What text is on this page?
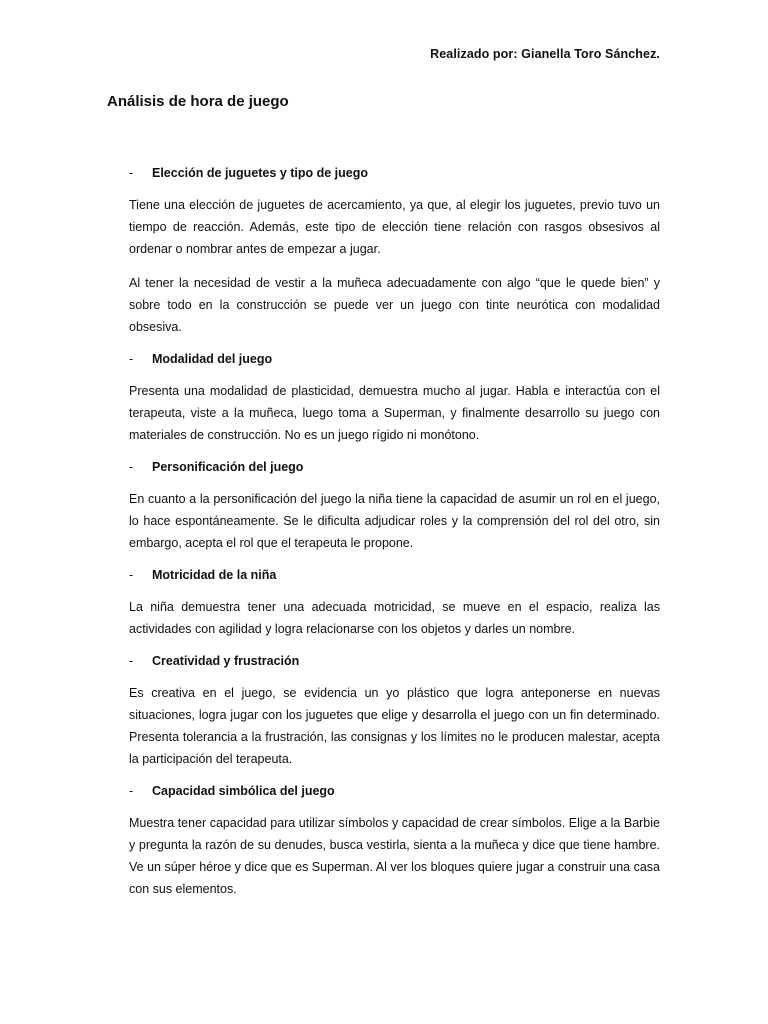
Realizado por: Gianella Toro Sánchez.
Análisis de hora de juego
-	Elección de juguetes y tipo de juego

Tiene una elección de juguetes de acercamiento, ya que, al elegir los juguetes, previo tuvo un tiempo de reacción. Además, este tipo de elección tiene relación con rasgos obsesivos al ordenar o nombrar antes de empezar a jugar.

Al tener la necesidad de vestir a la muñeca adecuadamente con algo “que le quede bien” y sobre todo en la construcción se puede ver un juego con tinte neurótica con modalidad obsesiva.

-	Modalidad del juego

Presenta una modalidad de plasticidad, demuestra mucho al jugar. Habla e interactúa con el terapeuta, viste a la muñeca, luego toma a Superman, y finalmente desarrollo su juego con materiales de construcción. No es un juego rígido ni monótono.

-	Personificación del juego

En cuanto a la personificación del juego la niña tiene la capacidad de asumir un rol en el juego, lo hace espontáneamente. Se le dificulta adjudicar roles y la comprensión del rol del otro, sin embargo, acepta el rol que el terapeuta le propone.

-	Motricidad de la niña

La niña demuestra tener una adecuada motricidad, se mueve en el espacio, realiza las actividades con agilidad y logra relacionarse con los objetos y darles un nombre.

-	Creatividad y frustración

Es creativa en el juego, se evidencia un yo plástico que logra anteponerse en nuevas situaciones, logra jugar con los juguetes que elige y desarrolla el juego con un fin determinado. Presenta tolerancia a la frustración, las consignas y los límites no le producen malestar, acepta la participación del terapeuta.

-	Capacidad simbólica del juego

Muestra tener capacidad para utilizar símbolos y capacidad de crear símbolos. Elige a la Barbie y pregunta la razón de su denudes, busca vestirla, sienta a la muñeca y dice que tiene hambre. Ve un súper héroe y dice que es Superman. Al ver los bloques quiere jugar a construir una casa con sus elementos.
